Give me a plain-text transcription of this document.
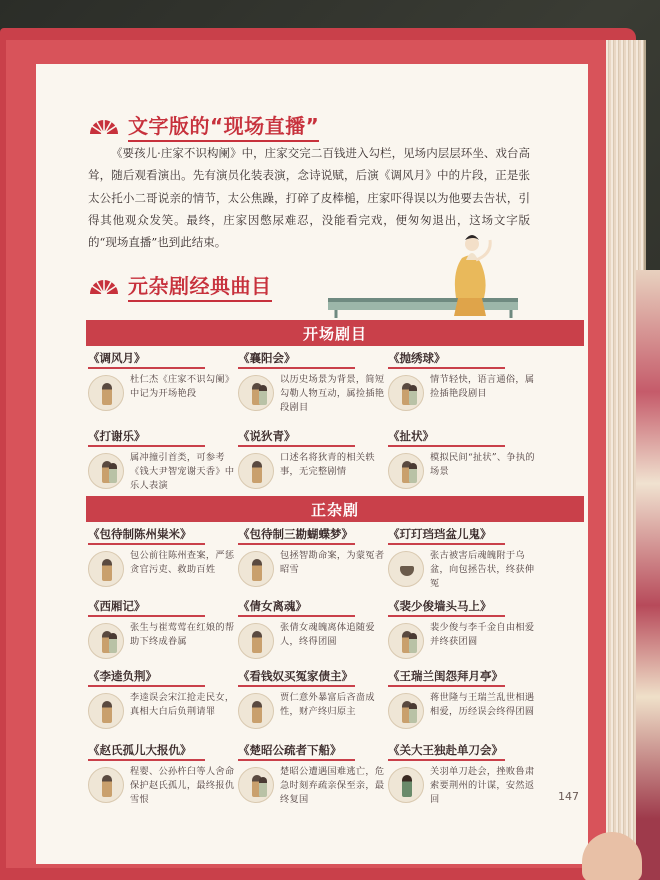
文字版的“现场直播”
《要孩儿·庄家不识构阑》中，庄家交完二百钱进入勾栏，见场内层层环坐、戏台高耸，随后观看演出。先有演员化装表演，念诗说赋，后演《调风月》中的片段，正是张太公托小二哥说亲的情节，太公焦躁，打碎了皮棒槌，庄家吓得误以为他要去告状，引得其他观众发笑。最终，庄家因憋尿难忍，没能看完戏，便匆匆退出，这场文字版的“现场直播”也到此结束。
元杂剧经典曲目
开场剧目
《调风月》
杜仁杰《庄家不识勾阑》中记为开场艳段
《襄阳会》
以历史场景为背景，简短勾勒人物互动，属捡插艳段剧目
《抛绣球》
情节轻快，语言通俗，属捡插艳段剧目
《打谢乐》
属冲撞引首类，可参考《钱大尹智宠谢天香》中乐人表演
《说狄青》
口述名将狄青的相关轶事，无完整剧情
《扯状》
模拟民间“扯状”、争执的场景
正杂剧
《包待制陈州粜米》
包公前往陈州查案，严惩贪官污吏、救助百姓
《包待制三勘蝴蝶梦》
包拯智勘命案，为蒙冤者昭雪
《玎玎珰珰盆儿鬼》
张古被害后魂魄附于乌盆，向包拯告状，终获伸冤
《西厢记》
张生与崔莺莺在红娘的帮助下终成眷属
《倩女离魂》
张倩女魂魄离体追随爱人，终得团圆
《裴少俊墙头马上》
裴少俊与李千金自由相爱并终获团圆
《李逵负荆》
李逵误会宋江抢走民女，真相大白后负荆请罪
《看钱奴买冤家债主》
贾仁意外暴富后吝啬成性，财产终归原主
《王瑞兰闺怨拜月亭》
蒋世隆与王瑞兰乱世相遇相爱，历经误会终得团圆
《赵氏孤儿大报仇》
程婴、公孙杵臼等人舍命保护赵氏孤儿，最终报仇雪恨
《楚昭公疏者下船》
楚昭公遭遇国难逃亡，危急时刻弃疏亲保至亲，最终复国
《关大王独赴单刀会》
关羽单刀赴会，挫败鲁肃索要荆州的计谋，安然返回	147
